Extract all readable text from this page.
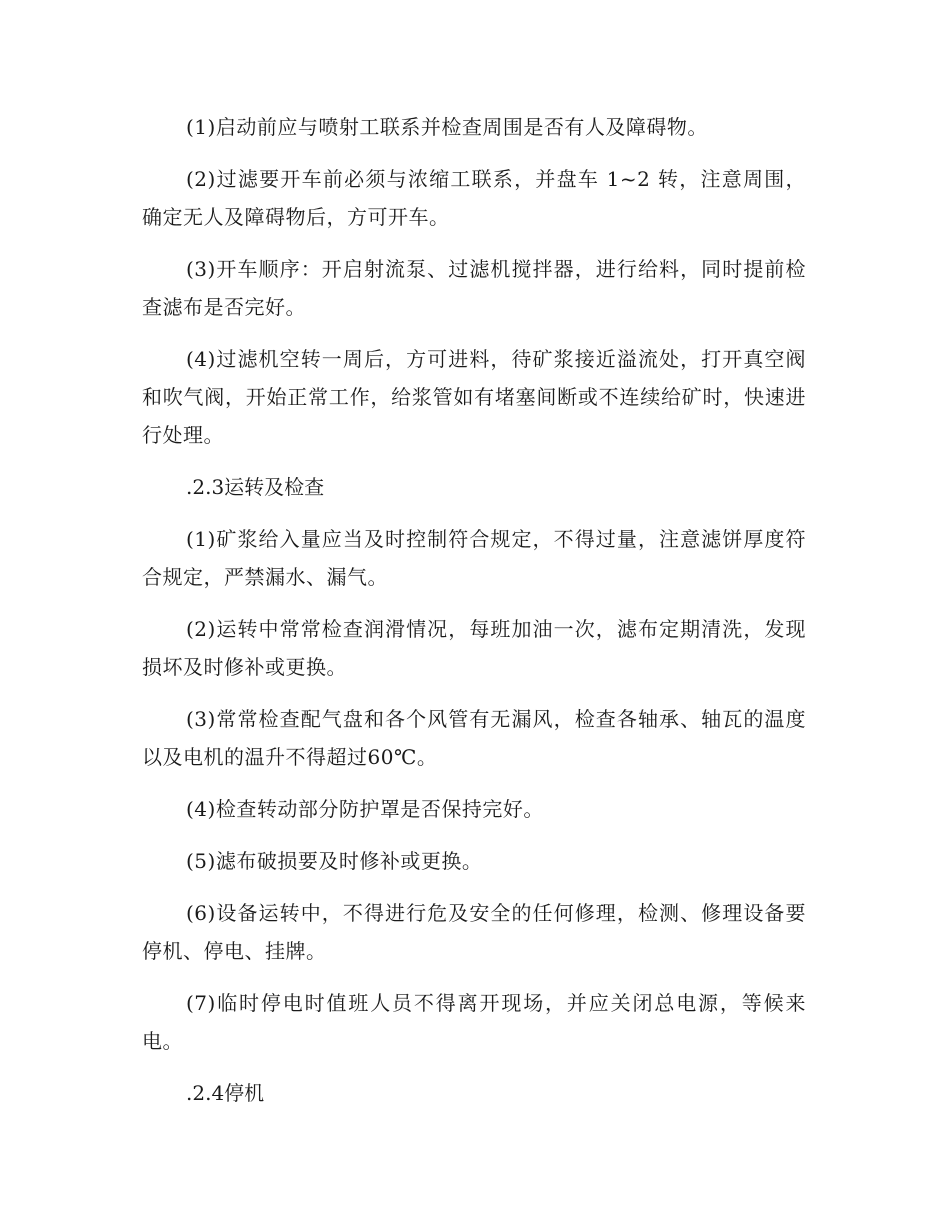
(1)启动前应与喷射工联系并检查周围是否有人及障碍物。

(2)过滤要开车前必须与浓缩工联系，并盘车 1~2 转，注意周围，确定无人及障碍物后，方可开车。

(3)开车顺序：开启射流泵、过滤机搅拌器，进行给料，同时提前检查滤布是否完好。

(4)过滤机空转一周后，方可进料，待矿浆接近溢流处，打开真空阀和吹气阀，开始正常工作，给浆管如有堵塞间断或不连续给矿时，快速进行处理。

.2.3运转及检查

(1)矿浆给入量应当及时控制符合规定，不得过量，注意滤饼厚度符合规定，严禁漏水、漏气。

(2)运转中常常检查润滑情况，每班加油一次，滤布定期清洗，发现损坏及时修补或更换。

(3)常常检查配气盘和各个风管有无漏风，检查各轴承、轴瓦的温度以及电机的温升不得超过60℃。

(4)检查转动部分防护罩是否保持完好。

(5)滤布破损要及时修补或更换。

(6)设备运转中，不得进行危及安全的任何修理，检测、修理设备要停机、停电、挂牌。

(7)临时停电时值班人员不得离开现场，并应关闭总电源，等候来电。

.2.4停机
